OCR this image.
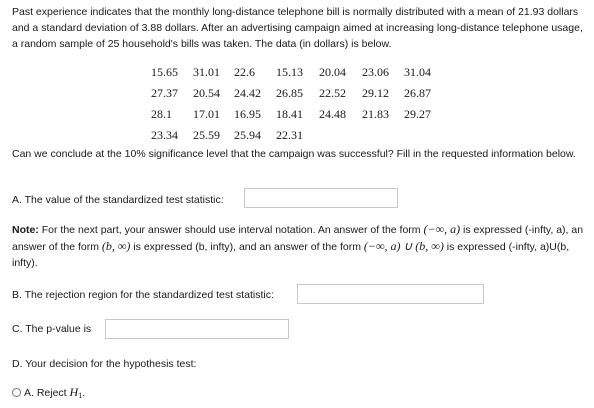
Past experience indicates that the monthly long-distance telephone bill is normally distributed with a mean of 21.93 dollars and a standard deviation of 3.88 dollars. After an advertising campaign aimed at increasing long-distance telephone usage, a random sample of 25 household's bills was taken. The data (in dollars) is below.
15.65 31.01 22.6 15.13 20.04 23.06 31.04
27.37 20.54 24.42 26.85 22.52 29.12 26.87
28.1 17.01 16.95 18.41 24.48 21.83 29.27
23.34 25.59 25.94 22.31
Can we conclude at the 10% significance level that the campaign was successful? Fill in the requested information below.
A. The value of the standardized test statistic:
Note: For the next part, your answer should use interval notation. An answer of the form (−∞, a) is expressed (-infty, a), an answer of the form (b, ∞) is expressed (b, infty), and an answer of the form (−∞, a) ∪ (b, ∞) is expressed (-infty, a)U(b, infty).
B. The rejection region for the standardized test statistic:
C. The p-value is
D. Your decision for the hypothesis test:
A. Reject $H_1$.
